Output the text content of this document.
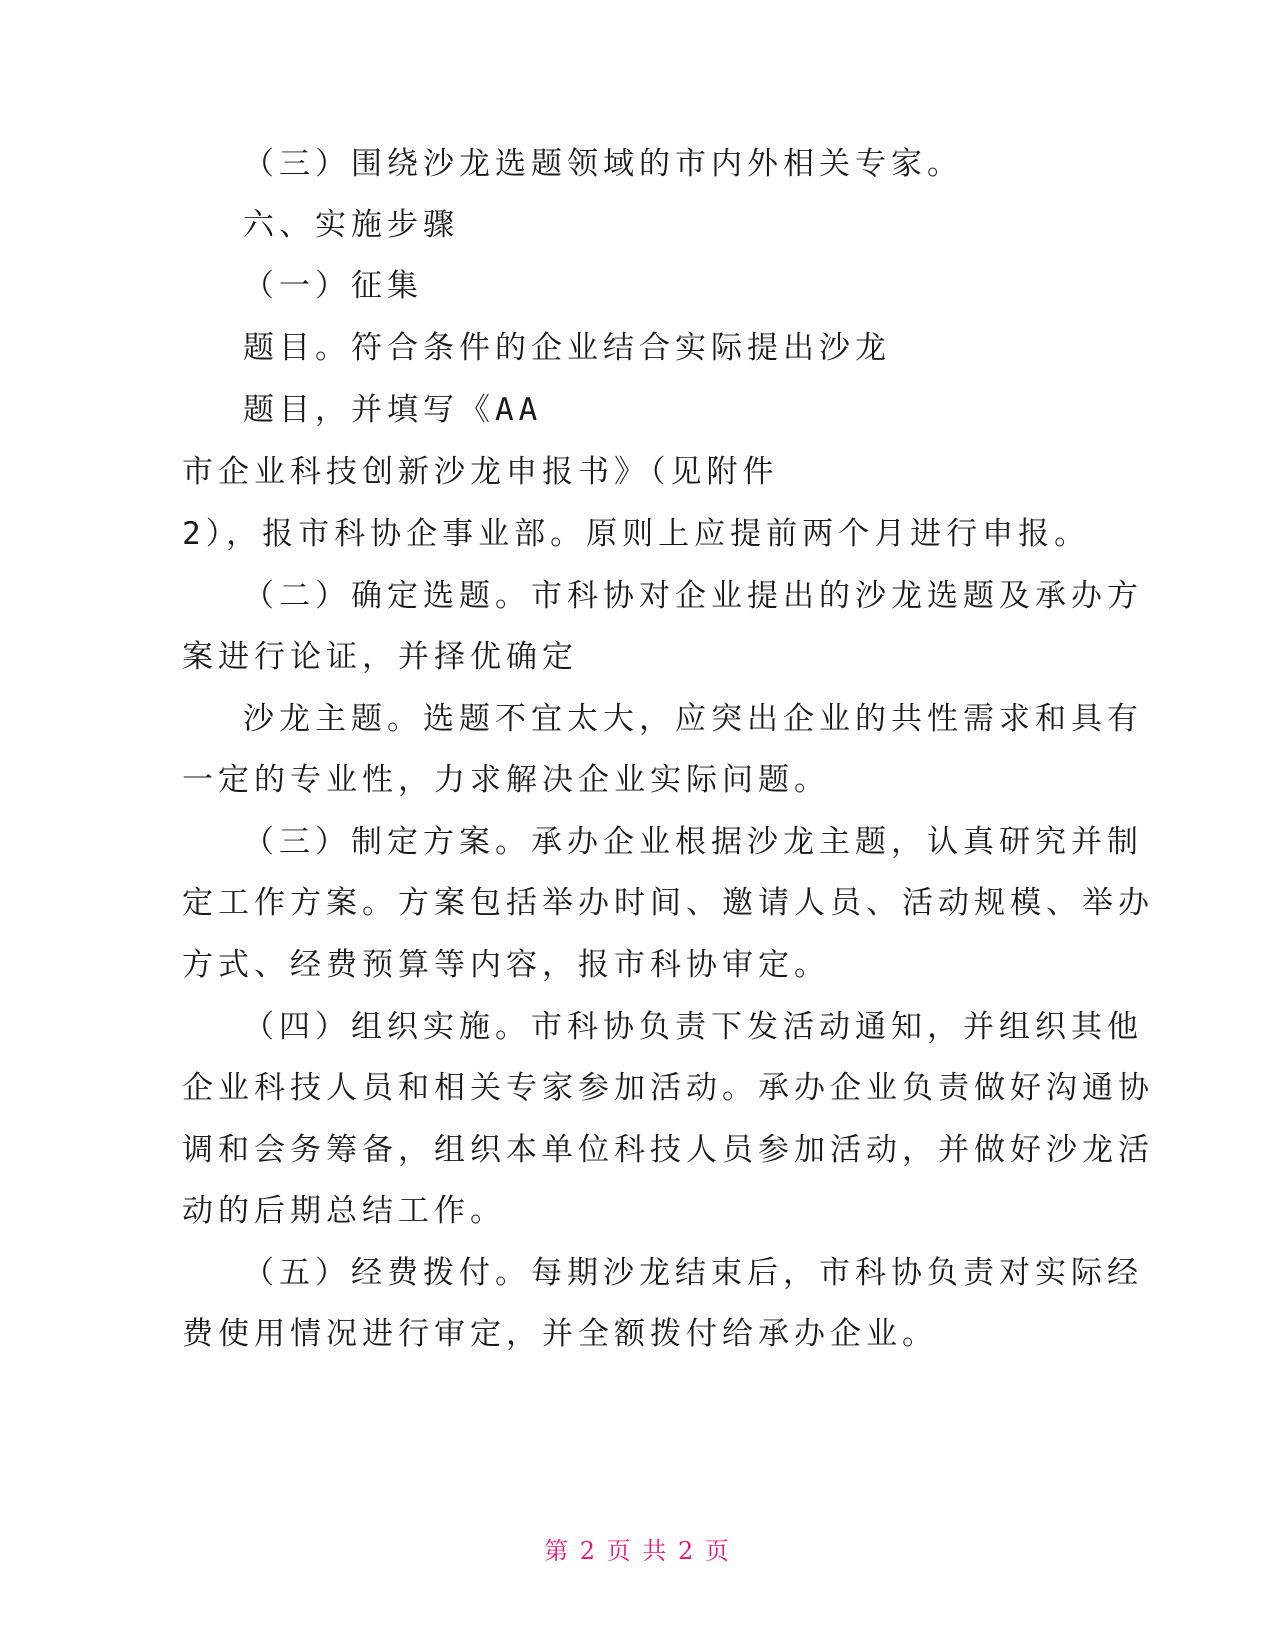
（三）围绕沙龙选题领域的市内外相关专家。

六、实施步骤

（一）征集

题目。符合条件的企业结合实际提出沙龙

题目，并填写《AA

市企业科技创新沙龙申报书》（见附件

2），报市科协企事业部。原则上应提前两个月进行申报。

（二）确定选题。市科协对企业提出的沙龙选题及承办方

案进行论证，并择优确定

沙龙主题。选题不宜太大，应突出企业的共性需求和具有

一定的专业性，力求解决企业实际问题。

（三）制定方案。承办企业根据沙龙主题，认真研究并制

定工作方案。方案包括举办时间、邀请人员、活动规模、举办

方式、经费预算等内容，报市科协审定。

（四）组织实施。市科协负责下发活动通知，并组织其他

企业科技人员和相关专家参加活动。承办企业负责做好沟通协

调和会务筹备，组织本单位科技人员参加活动，并做好沙龙活

动的后期总结工作。

（五）经费拨付。每期沙龙结束后，市科协负责对实际经

费使用情况进行审定，并全额拨付给承办企业。

第 2 页 共 2 页
